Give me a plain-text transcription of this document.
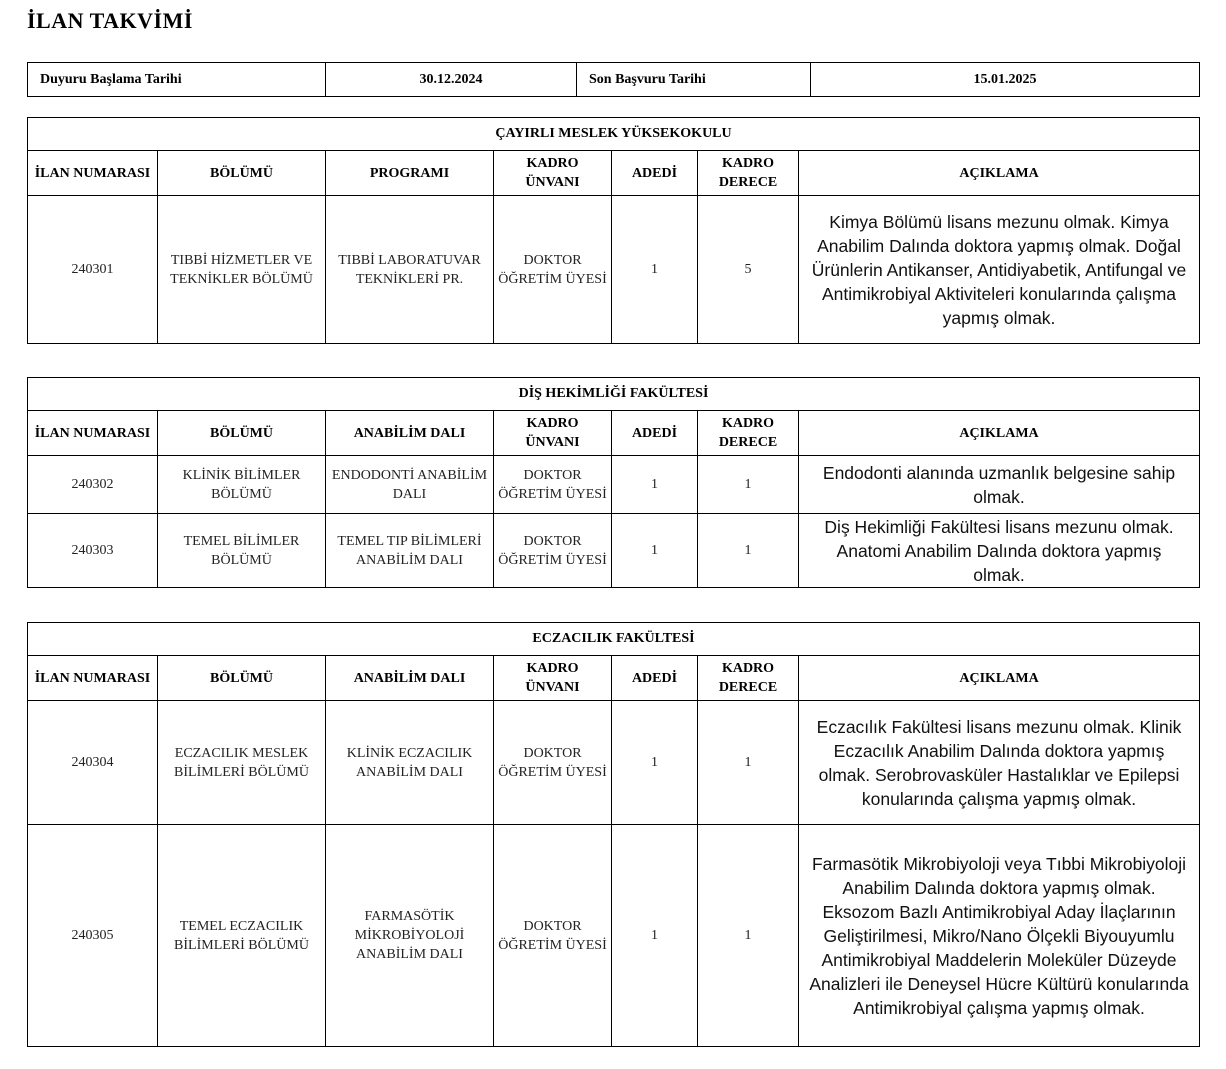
İLAN TAKVİMİ
Duyuru Başlama Tarihi	30.12.2024	Son Başvuru Tarihi	15.01.2025
ÇAYIRLI MESLEK YÜKSEKOKULU						
İLAN NUMARASI	BÖLÜMÜ	PROGRAMI	KADRO ÜNVANI	ADEDİ	KADRO DERECE	AÇIKLAMA
240301	TIBBİ HİZMETLER VE TEKNİKLER BÖLÜMÜ	TIBBİ LABORATUVAR TEKNİKLERİ PR.	DOKTOR ÖĞRETİM ÜYESİ	1	5	Kimya Bölümü lisans mezunu olmak. Kimya Anabilim Dalında doktora yapmış olmak. Doğal Ürünlerin Antikanser, Antidiyabetik, Antifungal ve Antimikrobiyal Aktiviteleri konularında çalışma yapmış olmak.
DİŞ HEKİMLİĞİ FAKÜLTESİ						
İLAN NUMARASI	BÖLÜMÜ	ANABİLİM DALI	KADRO ÜNVANI	ADEDİ	KADRO DERECE	AÇIKLAMA
240302	KLİNİK BİLİMLER BÖLÜMÜ	ENDODONTİ ANABİLİM DALI	DOKTOR ÖĞRETİM ÜYESİ	1	1	Endodonti alanında uzmanlık belgesine sahip olmak.
240303	TEMEL BİLİMLER BÖLÜMÜ	TEMEL TIP BİLİMLERİ ANABİLİM DALI	DOKTOR ÖĞRETİM ÜYESİ	1	1	Diş Hekimliği Fakültesi lisans mezunu olmak. Anatomi Anabilim Dalında doktora yapmış olmak.
ECZACILIK FAKÜLTESİ						
İLAN NUMARASI	BÖLÜMÜ	ANABİLİM DALI	KADRO ÜNVANI	ADEDİ	KADRO DERECE	AÇIKLAMA
240304	ECZACILIK MESLEK BİLİMLERİ BÖLÜMÜ	KLİNİK ECZACILIK ANABİLİM DALI	DOKTOR ÖĞRETİM ÜYESİ	1	1	Eczacılık Fakültesi lisans mezunu olmak. Klinik Eczacılık Anabilim Dalında doktora yapmış olmak. Serobrovasküler Hastalıklar ve Epilepsi konularında çalışma yapmış olmak.
240305	TEMEL ECZACILIK BİLİMLERİ BÖLÜMÜ	FARMASÖTİK MİKROBİYOLOJİ ANABİLİM DALI	DOKTOR ÖĞRETİM ÜYESİ	1	1	Farmasötik Mikrobiyoloji veya Tıbbi Mikrobiyoloji Anabilim Dalında doktora yapmış olmak. Eksozom Bazlı Antimikrobiyal Aday İlaçlarının Geliştirilmesi, Mikro/Nano Ölçekli Biyouyumlu Antimikrobiyal Maddelerin Moleküler Düzeyde Analizleri ile Deneysel Hücre Kültürü konularında Antimikrobiyal çalışma yapmış olmak.
